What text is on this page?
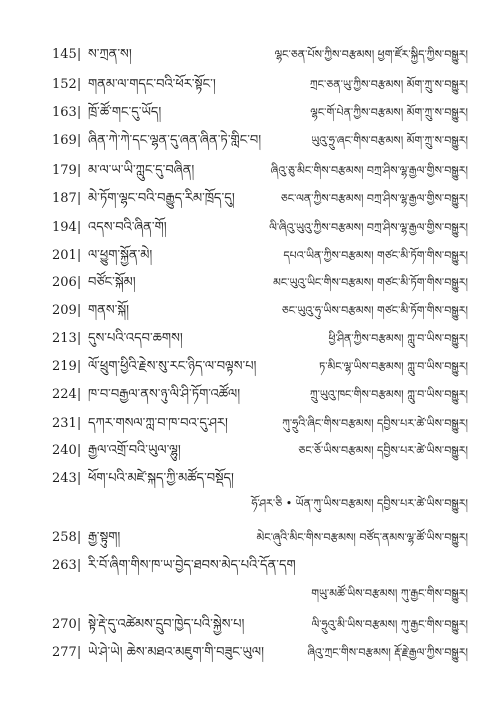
145| ས་ཀྲན་ས།	ལྷང་ཅན་པོས་ཀྱིས་བརྩམས། ཕྱག་ཛོར་སྐྱིད་ཀྱིས་བསྒྱུར།
152| གནམ་ལ་གདང་བའི་ཕོར་སྟོང་།	ཀྲང་ཅན་ཡུ་ཀྱིས་བརྩམས། མོག་ཀྲུ་ས་བསྒྱུར།
163| ཁྲོ་ཚོ་གང་དུ་ཡོད།	ལྷང་གོ་པེན་ཀྱིས་བརྩམས། མོག་ཀྲུ་ས་བསྒྱུར།
169| ཞིན་ཀེ་ཀེ་དང་ལྷན་དུ་ཞན་ཞིན་ཏེ་གླིང་བ།	ཡུའུ་ཧྲུ་ཞང་གིས་བརྩམས། མོག་ཀྲུ་ས་བསྒྱུར།
179| མ་ལ་ཡ་ཡི་ཀླུང་དུ་བཞིན།	ཞིའུ་ཅུ་མིང་གིས་བརྩམས། བཀྲ་ཤིས་ལྷ་རྒྱལ་གྱིས་བསྒྱུར།
187| མེ་ཏོག་ལྷང་བའི་བརྒྱུད་རིམ་ཁྲོད་དུ།	ཅང་ལན་ཀྱིས་བརྩམས། བཀྲ་ཤིས་ལྷ་རྒྱལ་གྱིས་བསྒྱུར།
194| འདས་བའི་ཞིན་གོ།	ལི་ཞིའུ་ཡུའུ་ཀྱིས་བརྩམས། བཀྲ་ཤིས་ལྷ་རྒྱལ་གྱིས་བསྒྱུར།
201| ལ་ཕྱུག་སྐྱོན་མེ།	དཔའ་ཡིན་ཀྱིས་བརྩམས། གཙང་མི་ཏོག་གིས་བསྒྱུར།
206| བཙོང་སྐོམ།	མང་ཡུའུ་ཡིང་གིས་བརྩམས། གཙང་མི་ཏོག་གིས་བསྒྱུར།
209| གནས་སྐོ།	ཅང་ཡུའུ་ཧུ་ཡིས་བརྩམས། གཙང་མི་ཏོག་གིས་བསྒྱུར།
213| དུས་པའི་འདབ་ཆགས།	ཕྱི་ཤིན་ཀྱིས་བརྩམས། ཀླུ་བ་ཡིས་བསྒྱུར།
219| ལོ་ཕྲུག་ཕྱིའི་རྗེས་སུ་རང་ཉིད་ལ་བལྟས་པ།	ཏ་མིང་ལྷ་ཡིས་བརྩམས། ཀླུ་བ་ཡིས་བསྒྱུར།
224| ཁ་བ་བརྒྱལ་ནས་ཉུ་ལི་ཤི་ཏོག་འཚོལ།	ཀྲུ་ཡུའུ་ཁང་གིས་བརྩམས། ཀླུ་བ་ཡིས་བསྒྱུར།
231| དཀར་གསལ་ཀླ་བ་ཁ་བའ་དུ་ཤར།	ཀུ་ཧྲུའི་ཞིང་གིས་བརྩམས། དབྱིས་པར་ཚེ་ཡིས་བསྒྱུར།
240| རྒྱལ་འགྲོ་བའི་ཡུལ་ལྷུ།	ཅང་ཅོ་ཡིས་བརྩམས། དབྱིས་པར་ཚེ་ཡིས་བསྒྱུར།
243| ཕོག་པའི་མཛེ་སྐད་ཀྱི་མཚོད་བསྡོད།
ཧོ་ཤར་ཅི • ཡོན་ཀུ་ཡིས་བརྩམས། དབྱིས་པར་ཚེ་ཡིས་བསྒྱུར།
258| རྒྱ་སྟུག།	མེང་ཞུའི་མིང་གིས་བརྩམས། བཙོད་ནམས་ལྷ་ཚོ་ཡིས་བསྒྱུར།
263| རི་བོ་ཞིག་གིས་ཁ་ཡ་བྱེད་ཐབས་མེད་པའི་དོན་དག
གཡུ་མཚོ་ཡིས་བརྩམས། ཀུ་རྒྱང་གིས་བསྒྱུར།
270| སྟེ་རྡེ་དུ་འཚེམས་དྲུབ་ཁྱེད་པའི་སྐྱེས་པ།	ལི་ཧྲུའུ་མི་ཡིས་བརྩམས། ཀུ་རྒྱང་གིས་བསྒྱུར།
277| ཡེ་ཤེ་ཡེ། ཆེས་མཐའ་མཇུག་གི་བཟུང་ཡུལ།	ཞིའུ་ཀྲང་གིས་བརྩམས། རྡོ་རྗེ་རྒྱལ་ཀྱིས་བསྒྱུར།
